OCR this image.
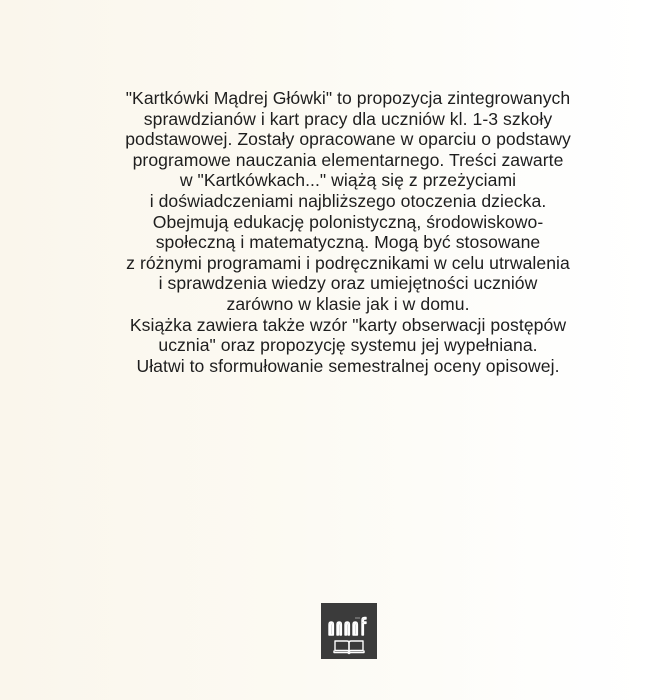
"Kartkówki Mądrej Główki" to propozycja zintegrowanych
sprawdzianów i kart pracy dla uczniów kl. 1-3 szkoły
podstawowej. Zostały opracowane w oparciu o podstawy
programowe nauczania elementarnego. Treści zawarte
w "Kartkówkach..." wiążą się z przeżyciami
i doświadczeniami najbliższego otoczenia dziecka.
Obejmują edukację polonistyczną, środowiskowo-
społeczną i matematyczną. Mogą być stosowane
z różnymi programami i podręcznikami w celu utrwalenia
i sprawdzenia wiedzy oraz umiejętności uczniów
zarówno w klasie jak i w domu.
Książka zawiera także wzór "karty obserwacji postępów
ucznia" oraz propozycję systemu jej wypełniana.
Ułatwi to sformułowanie semestralnej oceny opisowej.
